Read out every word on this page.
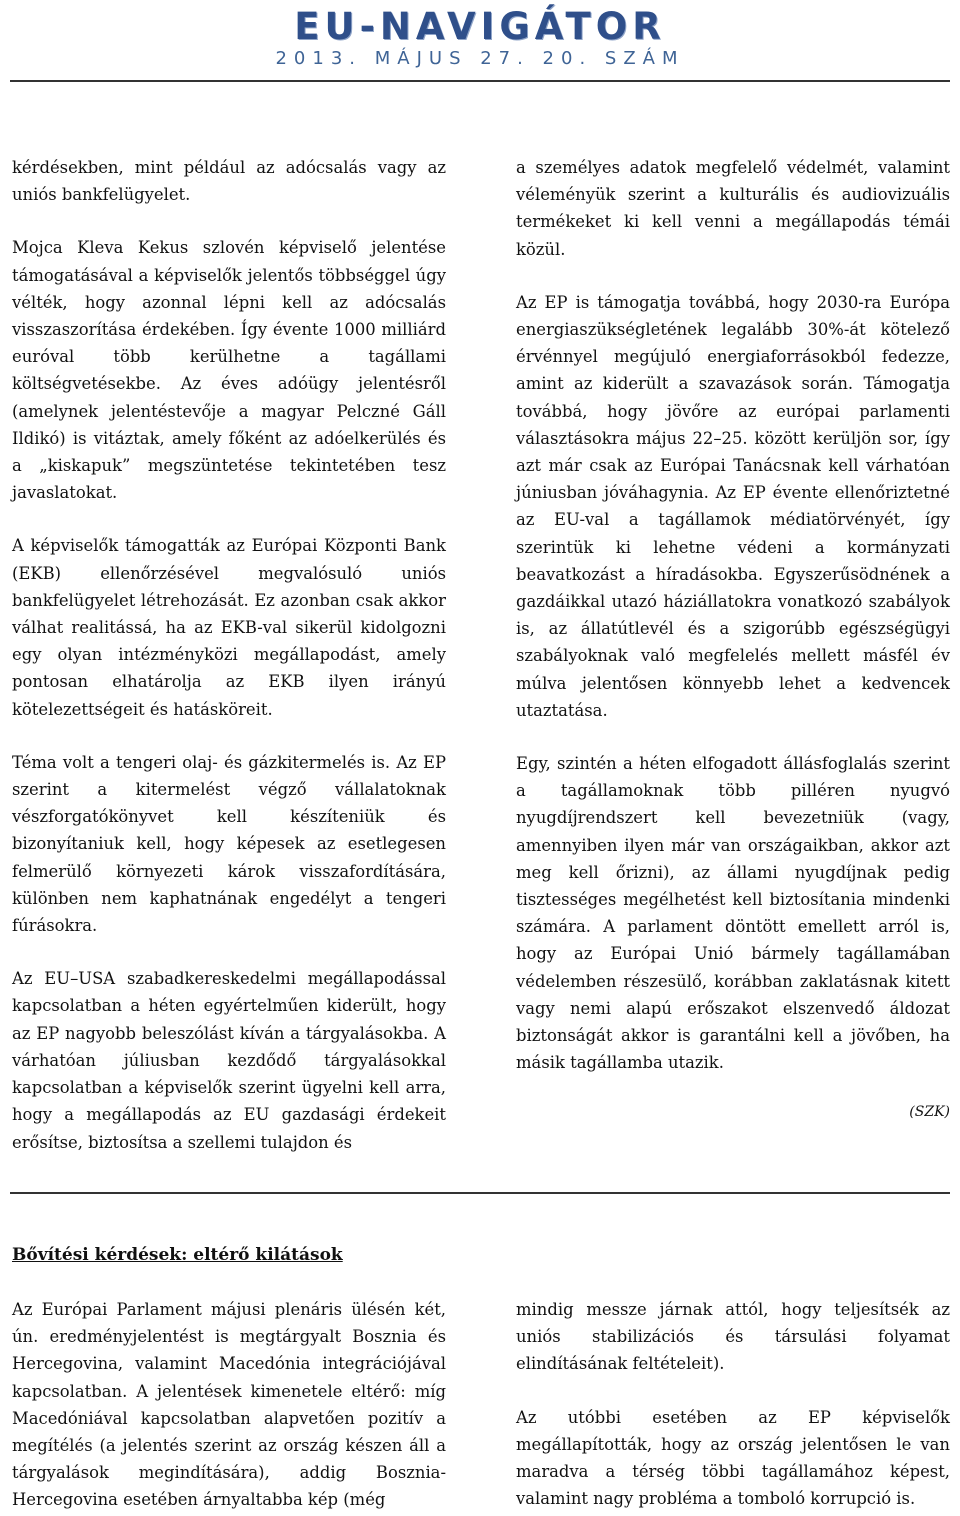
EU-NAVIGÁTOR
2013. MÁJUS 27. 20. SZÁM

kérdésekben, mint például az adócsalás vagy az uniós bankfelügyelet.

Mojca Kleva Kekus szlovén képviselő jelentése támogatásával a képviselők jelentős többséggel úgy vélték, hogy azonnal lépni kell az adócsalás visszaszorítása érdekében. Így évente 1000 milliárd euróval több kerülhetne a tagállami költségvetésekbe. Az éves adóügy jelentésről (amelynek jelentéstevője a magyar Pelczné Gáll Ildikó) is vitáztak, amely főként az adóelkerülés és a „kiskapuk” megszüntetése tekintetében tesz javaslatokat.

A képviselők támogatták az Európai Központi Bank (EKB) ellenőrzésével megvalósuló uniós bankfelügyelet létrehozását. Ez azonban csak akkor válhat realitássá, ha az EKB-val sikerül kidolgozni egy olyan intézményközi megállapodást, amely pontosan elhatárolja az EKB ilyen irányú kötelezettségeit és hatásköreit.

Téma volt a tengeri olaj- és gázkitermelés is. Az EP szerint a kitermelést végző vállalatoknak vészforgatókönyvet kell készíteniük és bizonyítaniuk kell, hogy képesek az esetlegesen felmerülő környezeti károk visszafordítására, különben nem kaphatnának engedélyt a tengeri fúrásokra.

Az EU–USA szabadkereskedelmi megállapodással kapcsolatban a héten egyértelműen kiderült, hogy az EP nagyobb beleszólást kíván a tárgyalásokba. A várhatóan júliusban kezdődő tárgyalásokkal kapcsolatban a képviselők szerint ügyelni kell arra, hogy a megállapodás az EU gazdasági érdekeit erősítse, biztosítsa a szellemi tulajdon és

a személyes adatok megfelelő védelmét, valamint véleményük szerint a kulturális és audiovizuális termékeket ki kell venni a megállapodás témái közül.

Az EP is támogatja továbbá, hogy 2030-ra Európa energiaszükségletének legalább 30%-át kötelező érvénnyel megújuló energiaforrásokból fedezze, amint az kiderült a szavazások során. Támogatja továbbá, hogy jövőre az európai parlamenti választásokra május 22–25. között kerüljön sor, így azt már csak az Európai Tanácsnak kell várhatóan júniusban jóváhagynia. Az EP évente ellenőriztetné az EU-val a tagállamok médiatörvényét, így szerintük ki lehetne védeni a kormányzati beavatkozást a híradásokba. Egyszerűsödnének a gazdáikkal utazó háziállatokra vonatkozó szabályok is, az állatútlevél és a szigorúbb egészségügyi szabályoknak való megfelelés mellett másfél év múlva jelentősen könnyebb lehet a kedvencek utaztatása.

Egy, szintén a héten elfogadott állásfoglalás szerint a tagállamoknak több pilléren nyugvó nyugdíjrendszert kell bevezetniük (vagy, amennyiben ilyen már van országaikban, akkor azt meg kell őrizni), az állami nyugdíjnak pedig tisztességes megélhetést kell biztosítania mindenki számára. A parlament döntött emellett arról is, hogy az Európai Unió bármely tagállamában védelemben részesülő, korábban zaklatásnak kitett vagy nemi alapú erőszakot elszenvedő áldozat biztonságát akkor is garantálni kell a jövőben, ha másik tagállamba utazik.

(SZK)
Bővítési kérdések: eltérő kilátások

Az Európai Parlament májusi plenáris ülésén két, ún. eredményjelentést is megtárgyalt Bosznia és Hercegovina, valamint Macedónia integrációjával kapcsolatban. A jelentések kimenetele eltérő: míg Macedóniával kapcsolatban alapvetően pozitív a megítélés (a jelentés szerint az ország készen áll a tárgyalások megindítására), addig Bosznia-Hercegovina esetében árnyaltabba kép (még

mindig messze járnak attól, hogy teljesítsék az uniós stabilizációs és társulási folyamat elindításának feltételeit).

Az utóbbi esetében az EP képviselők megállapították, hogy az ország jelentősen le van maradva a térség többi tagállamához képest, valamint nagy probléma a tomboló korrupció is.
